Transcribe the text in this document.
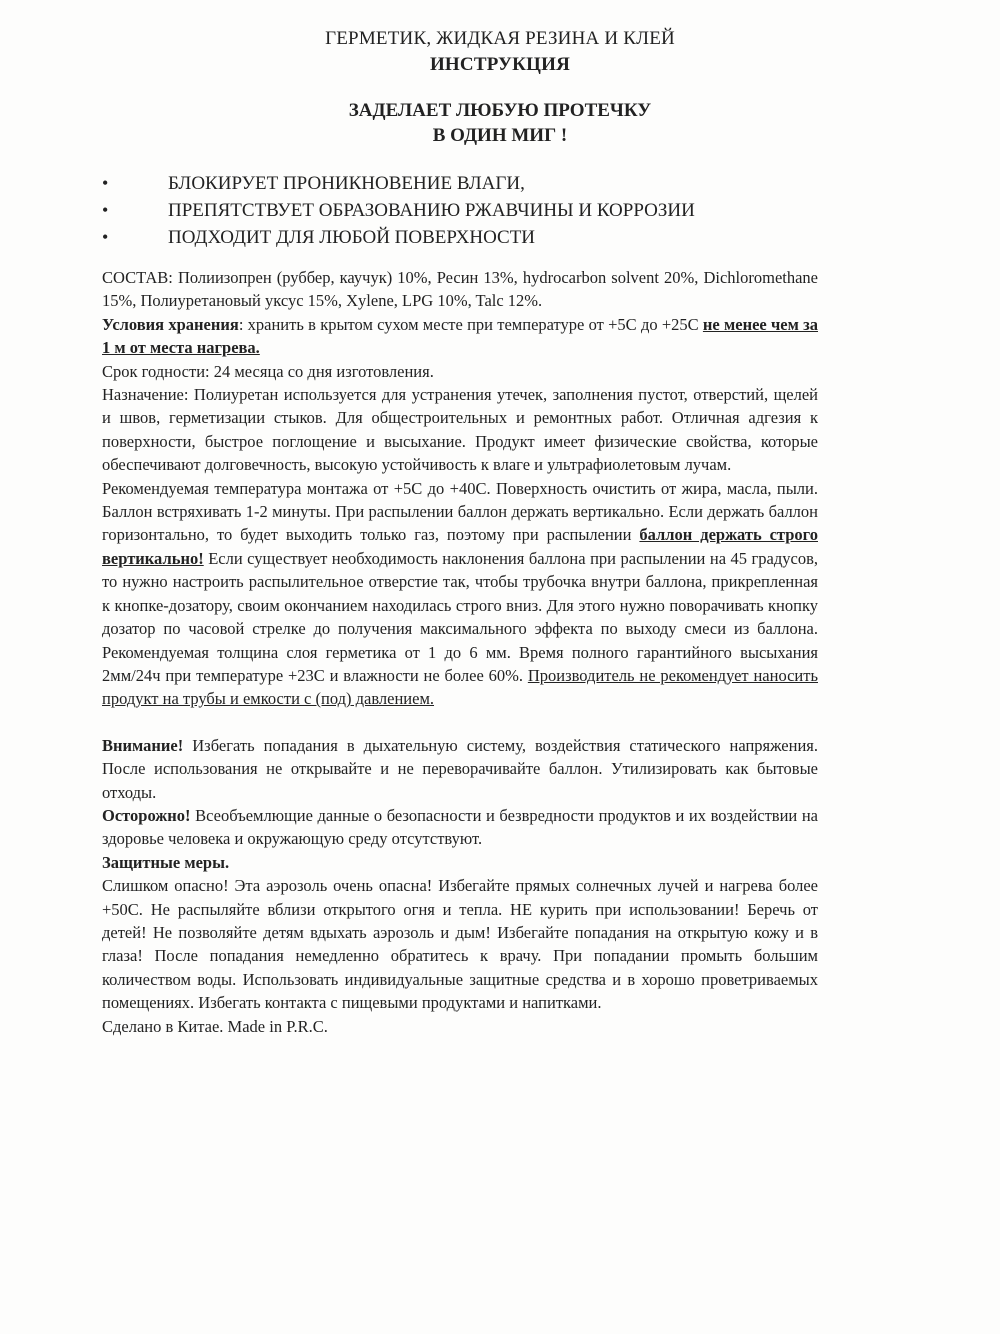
ГЕРМЕТИК, ЖИДКАЯ РЕЗИНА И КЛЕЙ
ИНСТРУКЦИЯ
ЗАДЕЛАЕТ ЛЮБУЮ ПРОТЕЧКУ
В ОДИН МИГ !
•	БЛОКИРУЕТ ПРОНИКНОВЕНИЕ ВЛАГИ,
•	ПРЕПЯТСТВУЕТ ОБРАЗОВАНИЮ РЖАВЧИНЫ И КОРРОЗИИ
•	ПОДХОДИТ ДЛЯ ЛЮБОЙ ПОВЕРХНОСТИ

СОСТАВ: Полиизопрен (руббер, каучук) 10%, Ресин 13%, hydrocarbon solvent 20%, Dichloromethane 15%, Полиуретановый уксус 15%, Xylene, LPG 10%, Talc 12%.

Условия хранения: хранить в крытом сухом месте при температуре от +5С до +25С не менее чем за 1 м от места нагрева.

Срок годности: 24 месяца со дня изготовления.

Назначение: Полиуретан используется для устранения утечек, заполнения пустот, отверстий, щелей и швов, герметизации стыков. Для общестроительных и ремонтных работ. Отличная адгезия к поверхности, быстрое поглощение и высыхание. Продукт имеет физические свойства, которые обеспечивают долговечность, высокую устойчивость к влаге и ультрафиолетовым лучам.

Рекомендуемая температура монтажа от +5С до +40С. Поверхность очистить от жира, масла, пыли. Баллон встряхивать 1-2 минуты. При распылении баллон держать вертикально. Если держать баллон горизонтально, то будет выходить только газ, поэтому при распылении баллон держать строго вертикально! Если существует необходимость наклонения баллона при распылении на 45 градусов, то нужно настроить распылительное отверстие так, чтобы трубочка внутри баллона, прикрепленная к кнопке-дозатору, своим окончанием находилась строго вниз. Для этого нужно поворачивать кнопку дозатор по часовой стрелке до получения максимального эффекта по выходу смеси из баллона. Рекомендуемая толщина слоя герметика от 1 до 6 мм. Время полного гарантийного высыхания 2мм/24ч при температуре +23С и влажности не более 60%. Производитель не рекомендует наносить продукт на трубы и емкости с (под) давлением.

Внимание! Избегать попадания в дыхательную систему, воздействия статического напряжения. После использования не открывайте и не переворачивайте баллон. Утилизировать как бытовые отходы.

Осторожно! Всеобъемлющие данные о безопасности и безвредности продуктов и их воздействии на здоровье человека и окружающую среду отсутствуют.

Защитные меры.

Слишком опасно! Эта аэрозоль очень опасна! Избегайте прямых солнечных лучей и нагрева более +50С. Не распыляйте вблизи открытого огня и тепла. НЕ курить при использовании! Беречь от детей! Не позволяйте детям вдыхать аэрозоль и дым! Избегайте попадания на открытую кожу и в глаза! После попадания немедленно обратитесь к врачу. При попадании промыть большим количеством воды. Использовать индивидуальные защитные средства и в хорошо проветриваемых помещениях. Избегать контакта с пищевыми продуктами и напитками.

Сделано в Китае. Made in P.R.C.
